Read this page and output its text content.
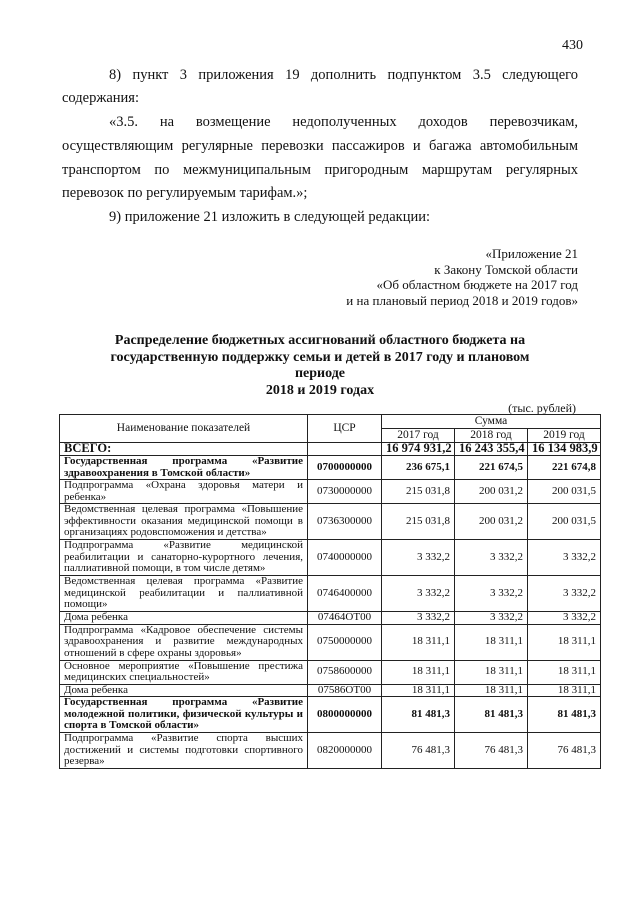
430
8) пункт 3 приложения 19 дополнить подпунктом 3.5 следующего
содержания:
«3.5. на возмещение недополученных доходов перевозчикам,
осуществляющим регулярные перевозки пассажиров и багажа автомобильным
транспортом по межмуниципальным пригородным маршрутам регулярных
перевозок по регулируемым тарифам.»;
9) приложение 21 изложить в следующей редакции:
«Приложение 21
к Закону Томской области
«Об областном бюджете на 2017 год
и на плановый период 2018 и 2019 годов»
Распределение бюджетных ассигнований областного бюджета на
государственную поддержку семьи и детей в 2017 году и плановом периоде
2018 и 2019 годах
(тыс. рублей)
Наименование показателей	ЦСР	Сумма		
		2017 год	2018 год	2019 год
ВСЕГО:		16 974 931,2	16 243 355,4	16 134 983,9
Государственная программа «Развитие здравоохранения в Томской области»	0700000000	236 675,1	221 674,5	221 674,8
Подпрограмма «Охрана здоровья матери и ребенка»	0730000000	215 031,8	200 031,2	200 031,5
Ведомственная целевая программа «Повышение эффективности оказания медицинской помощи в организациях родовспоможения и детства»	0736300000	215 031,8	200 031,2	200 031,5
Подпрограмма «Развитие медицинской реабилитации и санаторно-курортного лечения, паллиативной помощи, в том числе детям»	0740000000	3 332,2	3 332,2	3 332,2
Ведомственная целевая программа «Развитие медицинской реабилитации и паллиативной помощи»	0746400000	3 332,2	3 332,2	3 332,2
Дома ребенка	07464ОТ00	3 332,2	3 332,2	3 332,2
Подпрограмма «Кадровое обеспечение системы здравоохранения и развитие международных отношений в сфере охраны здоровья»	0750000000	18 311,1	18 311,1	18 311,1
Основное мероприятие «Повышение престижа медицинских специальностей»	0758600000	18 311,1	18 311,1	18 311,1
Дома ребенка	07586ОТ00	18 311,1	18 311,1	18 311,1
Государственная программа «Развитие молодежной политики, физической культуры и спорта в Томской области»	0800000000	81 481,3	81 481,3	81 481,3
Подпрограмма «Развитие спорта высших достижений и системы подготовки спортивного резерва»	0820000000	76 481,3	76 481,3	76 481,3
